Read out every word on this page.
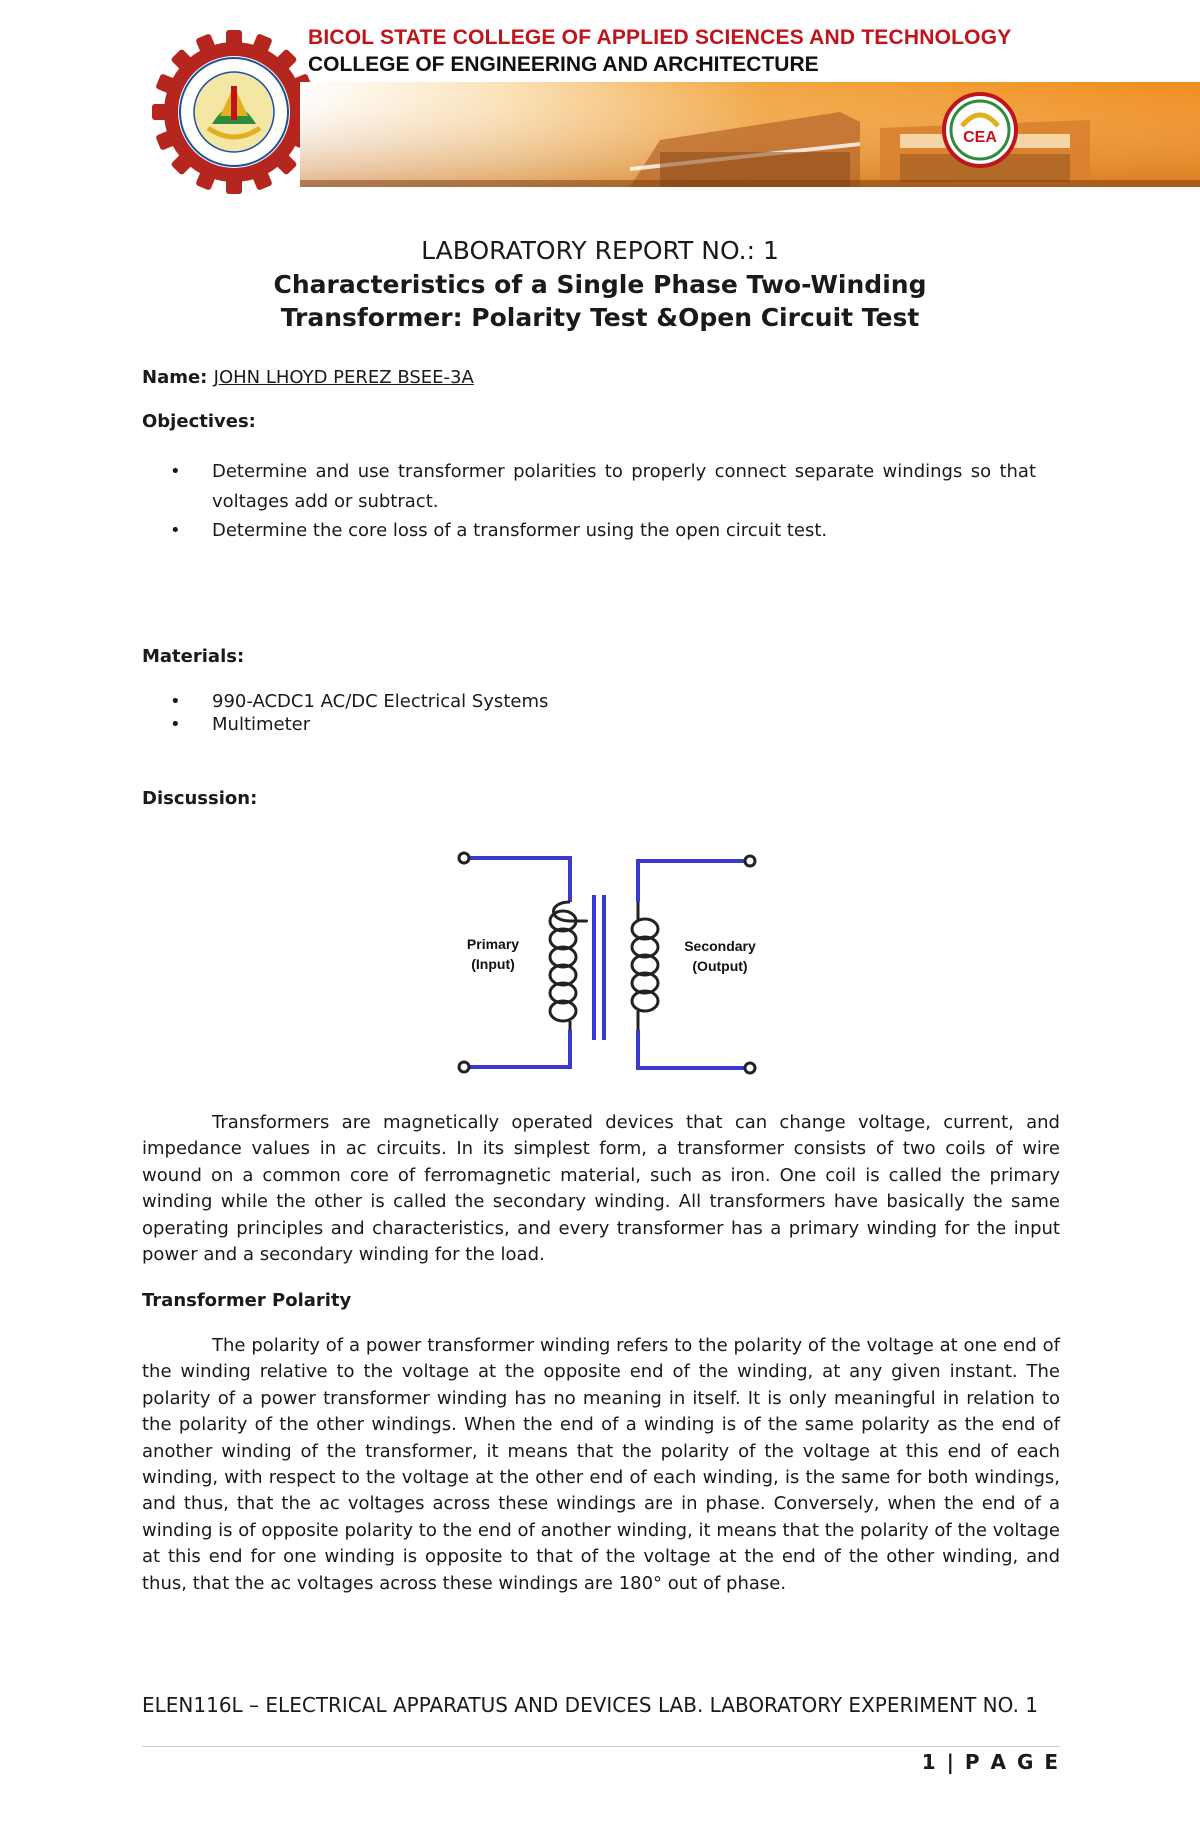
BICOL STATE COLLEGE OF APPLIED SCIENCES AND TECHNOLOGY
COLLEGE OF ENGINEERING AND ARCHITECTURE
CEA
LABORATORY REPORT NO.: 1
Characteristics of a Single Phase Two-Winding
Transformer: Polarity Test &Open Circuit Test
Name: JOHN LHOYD PEREZ BSEE-3A
Objectives:
• Determine and use transformer polarities to properly connect separate windings so that voltages add or subtract.
• Determine the core loss of a transformer using the open circuit test.
Materials:
• 990-ACDC1 AC/DC Electrical Systems
• Multimeter
Discussion:
Primary
(Input)
Secondary
(Output)

Transformers are magnetically operated devices that can change voltage, current, and impedance values in ac circuits. In its simplest form, a transformer consists of two coils of wire wound on a common core of ferromagnetic material, such as iron. One coil is called the primary winding while the other is called the secondary winding. All transformers have basically the same operating principles and characteristics, and every transformer has a primary winding for the input power and a secondary winding for the load.

Transformer Polarity

The polarity of a power transformer winding refers to the polarity of the voltage at one end of the winding relative to the voltage at the opposite end of the winding, at any given instant. The polarity of a power transformer winding has no meaning in itself. It is only meaningful in relation to the polarity of the other windings. When the end of a winding is of the same polarity as the end of another winding of the transformer, it means that the polarity of the voltage at this end of each winding, with respect to the voltage at the other end of each winding, is the same for both windings, and thus, that the ac voltages across these windings are in phase. Conversely, when the end of a winding is of opposite polarity to the end of another winding, it means that the polarity of the voltage at this end for one winding is opposite to that of the voltage at the end of the other winding, and thus, that the ac voltages across these windings are 180° out of phase.

ELEN116L – ELECTRICAL APPARATUS AND DEVICES LAB. LABORATORY EXPERIMENT NO. 1
1 | P A G E
